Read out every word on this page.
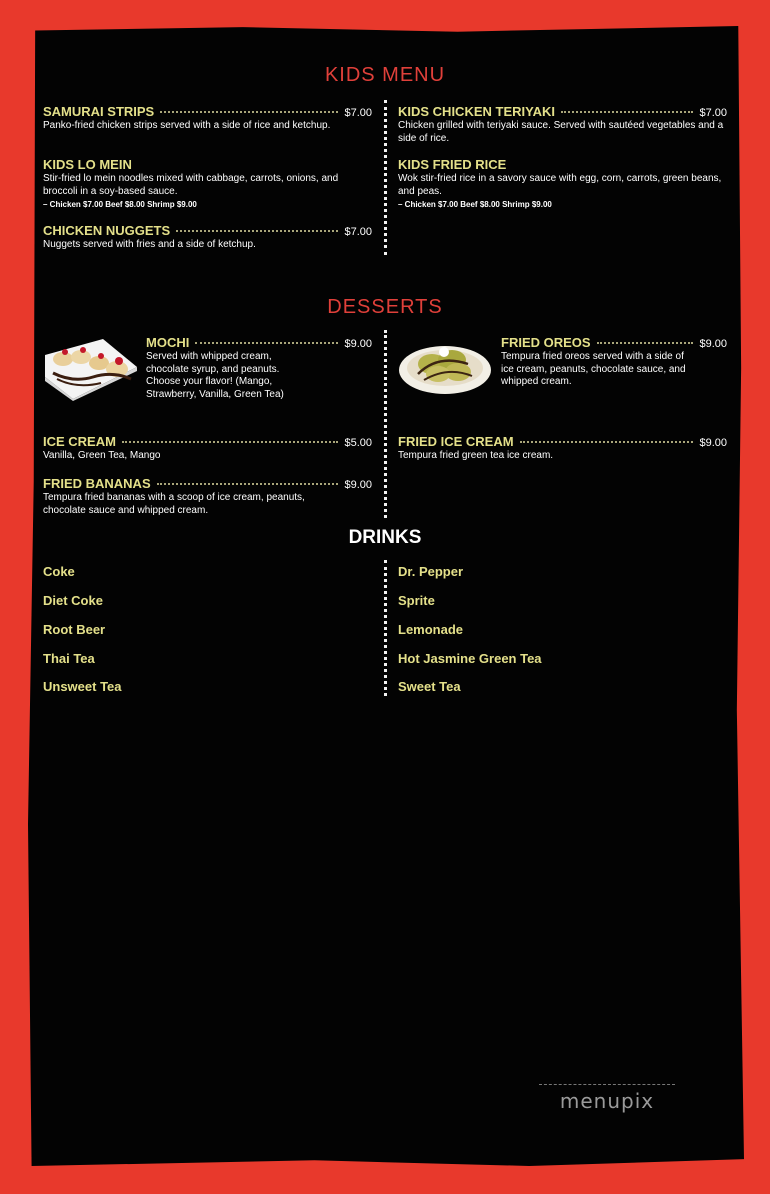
KIDS MENU
SAMURAI STRIPS	$7.00
Panko-fried chicken strips served with a side of rice and ketchup.
KIDS LO MEIN
Stir-fried lo mein noodles mixed with cabbage, carrots, onions, and broccoli in a soy-based sauce.
– Chicken $7.00 Beef $8.00 Shrimp $9.00
CHICKEN NUGGETS	$7.00
Nuggets served with fries and a side of ketchup.
KIDS CHICKEN TERIYAKI	$7.00
Chicken grilled with teriyaki sauce. Served with sautéed vegetables and a side of rice.
KIDS FRIED RICE
Wok stir-fried rice in a savory sauce with egg, corn, carrots, green beans, and peas.
– Chicken $7.00 Beef $8.00 Shrimp $9.00
DESSERTS
MOCHI	$9.00
Served with whipped cream, chocolate syrup, and peanuts. Choose your flavor! (Mango, Strawberry, Vanilla, Green Tea)
FRIED OREOS	$9.00
Tempura fried oreos served with a side of ice cream, peanuts, chocolate sauce, and whipped cream.
ICE CREAM	$5.00
Vanilla, Green Tea, Mango
FRIED ICE CREAM	$9.00
Tempura fried green tea ice cream.
FRIED BANANAS	$9.00
Tempura fried bananas with a scoop of ice cream, peanuts, chocolate sauce and whipped cream.
DRINKS
Coke
Diet Coke
Root Beer
Thai Tea
Unsweet Tea
Dr. Pepper
Sprite
Lemonade
Hot Jasmine Green Tea
Sweet Tea
menupix
